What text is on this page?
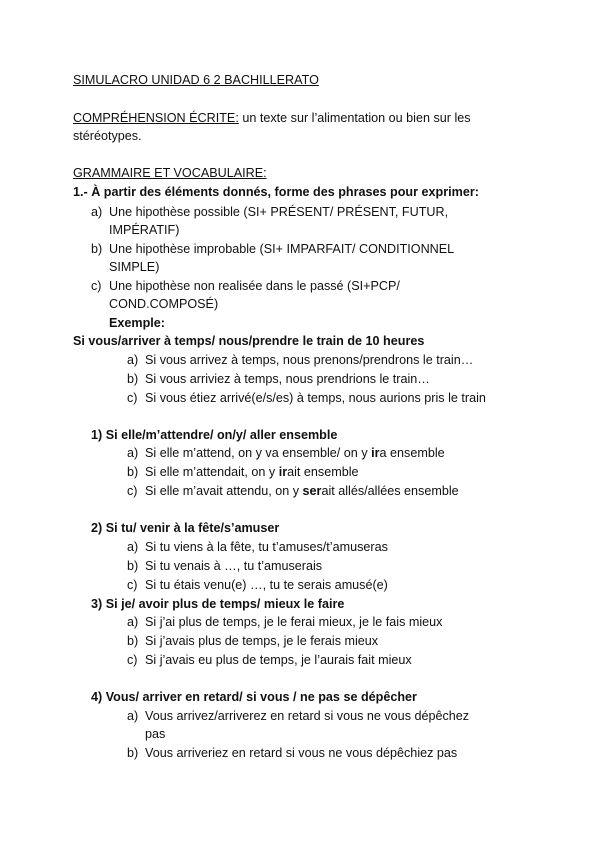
SIMULACRO UNIDAD 6 2 BACHILLERATO
COMPRÉHENSION ÉCRITE: un texte sur l’alimentation ou bien sur les
stéréotypes.
GRAMMAIRE ET VOCABULAIRE:
1.- À partir des éléments donnés, forme des phrases pour exprimer:
a) Une hipothèse possible (SI+ PRÉSENT/ PRÉSENT, FUTUR,
IMPÉRATIF)
b) Une hipothèse improbable (SI+ IMPARFAIT/ CONDITIONNEL
SIMPLE)
c) Une hipothèse non realisée dans le passé (SI+PCP/
COND.COMPOSÉ)
Exemple:
Si vous/arriver à temps/ nous/prendre le train de 10 heures
a) Si vous arrivez à temps, nous prenons/prendrons le train…
b) Si vous arriviez à temps, nous prendrions le train…
c) Si vous étiez arrivé(e/s/es) à temps, nous aurions pris le train
1) Si elle/m’attendre/ on/y/ aller ensemble
a) Si elle m’attend, on y va ensemble/ on y ira ensemble
b) Si elle m’attendait, on y irait ensemble
c) Si elle m’avait attendu, on y serait allés/allées ensemble
2) Si tu/ venir à la fête/s’amuser
a) Si tu viens à la fête, tu t’amuses/t’amuseras
b) Si tu venais à …, tu t’amuserais
c) Si tu étais venu(e) …, tu te serais amusé(e)
3) Si je/ avoir plus de temps/ mieux le faire
a) Si j’ai plus de temps, je le ferai mieux, je le fais mieux
b) Si j’avais plus de temps, je le ferais mieux
c) Si j’avais eu plus de temps, je l’aurais fait mieux
4) Vous/ arriver en retard/ si vous / ne pas se dépêcher
a) Vous arrivez/arriverez en retard si vous ne vous dépêchez
pas
b) Vous arriveriez en retard si vous ne vous dépêchiez pas
